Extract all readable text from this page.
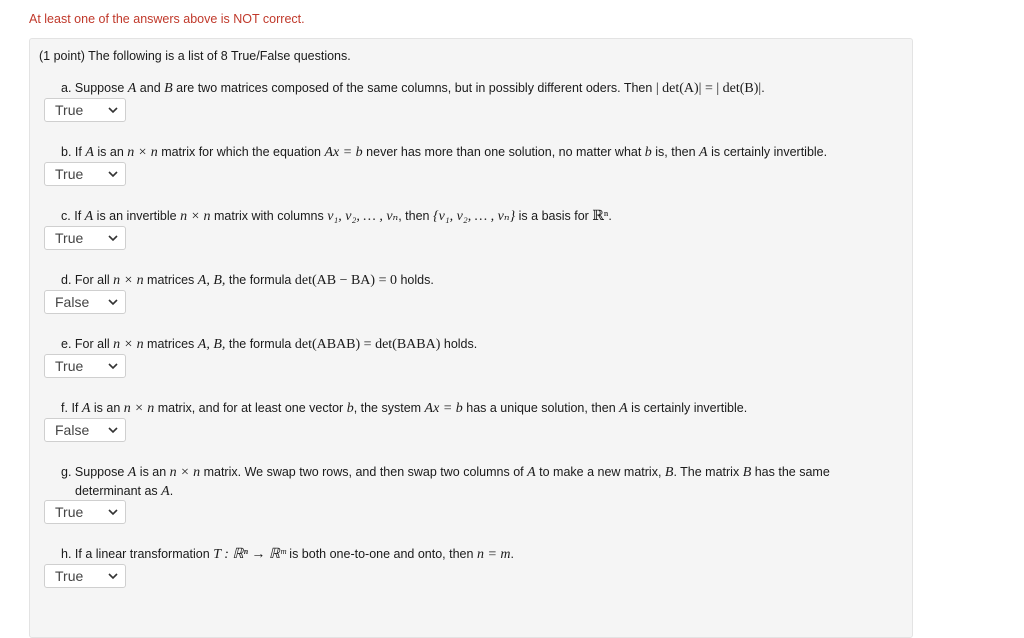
At least one of the answers above is NOT correct.
(1 point) The following is a list of 8 True/False questions.
a. Suppose A and B are two matrices composed of the same columns, but in possibly different oders. Then | det(A)| = | det(B)|.
True
b. If A is an n × n matrix for which the equation Ax = b never has more than one solution, no matter what b is, then A is certainly invertible.
True
c. If A is an invertible n × n matrix with columns v₁, v₂, … , vₙ, then {v₁, v₂, … , vₙ} is a basis for ℝⁿ.
True
d. For all n × n matrices A, B, the formula det(AB − BA) = 0 holds.
False
e. For all n × n matrices A, B, the formula det(ABAB) = det(BABA) holds.
True
f. If A is an n × n matrix, and for at least one vector b, the system Ax = b has a unique solution, then A is certainly invertible.
False
g. Suppose A is an n × n matrix. We swap two rows, and then swap two columns of A to make a new matrix, B. The matrix B has the same
determinant as A.
True
h. If a linear transformation T : ℝⁿ → ℝᵐ is both one-to-one and onto, then n = m.
True
